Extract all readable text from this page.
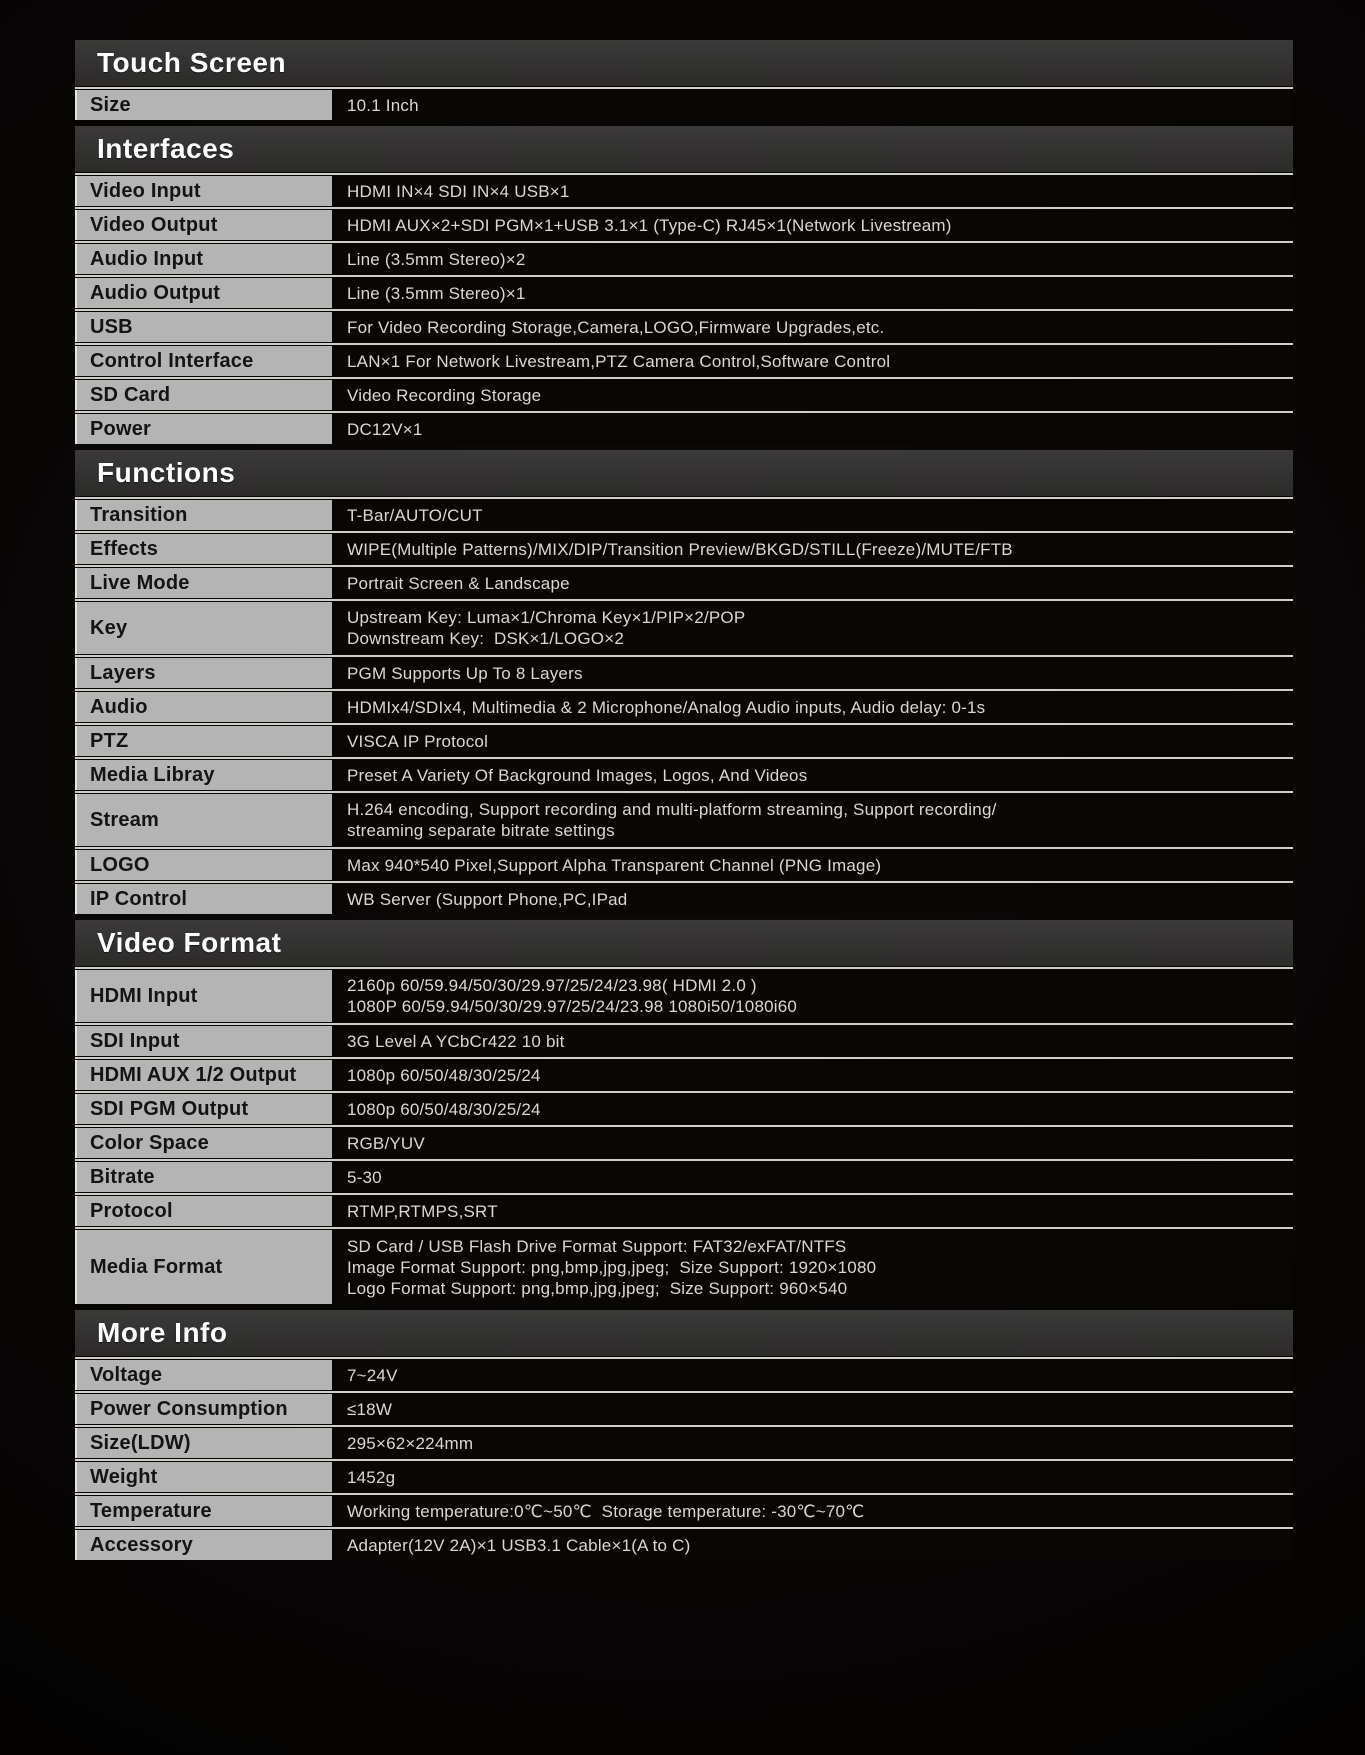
Touch Screen
Size	10.1 Inch
Interfaces
Video Input	HDMI IN×4 SDI IN×4 USB×1
Video Output	HDMI AUX×2+SDI PGM×1+USB 3.1×1 (Type-C) RJ45×1(Network Livestream)
Audio Input	Line (3.5mm Stereo)×2
Audio Output	Line (3.5mm Stereo)×1
USB	For Video Recording Storage,Camera,LOGO,Firmware Upgrades,etc.
Control Interface	LAN×1 For Network Livestream,PTZ Camera Control,Software Control
SD Card	Video Recording Storage
Power	DC12V×1
Functions
Transition	T-Bar/AUTO/CUT
Effects	WIPE(Multiple Patterns)/MIX/DIP/Transition Preview/BKGD/STILL(Freeze)/MUTE/FTB
Live Mode	Portrait Screen & Landscape
Key	Upstream Key: Luma×1/Chroma Key×1/PIP×2/POP
Downstream Key:  DSK×1/LOGO×2
Layers	PGM Supports Up To 8 Layers
Audio	HDMIx4/SDIx4, Multimedia & 2 Microphone/Analog Audio inputs, Audio delay: 0-1s
PTZ	VISCA IP Protocol
Media Libray	Preset A Variety Of Background Images, Logos, And Videos
Stream	H.264 encoding, Support recording and multi-platform streaming, Support recording/
streaming separate bitrate settings
LOGO	Max 940*540 Pixel,Support Alpha Transparent Channel (PNG Image)
IP Control	WB Server (Support Phone,PC,IPad
Video Format
HDMI Input	2160p 60/59.94/50/30/29.97/25/24/23.98( HDMI 2.0 )
1080P 60/59.94/50/30/29.97/25/24/23.98 1080i50/1080i60
SDI Input	3G Level A YCbCr422 10 bit
HDMI AUX 1/2 Output	1080p 60/50/48/30/25/24
SDI PGM Output	1080p 60/50/48/30/25/24
Color Space	RGB/YUV
Bitrate	5-30
Protocol	RTMP,RTMPS,SRT
Media Format
SD Card / USB Flash Drive Format Support: FAT32/exFAT/NTFS
Image Format Support: png,bmp,jpg,jpeg;  Size Support: 1920×1080
Logo Format Support: png,bmp,jpg,jpeg;  Size Support: 960×540
More Info
Voltage	7~24V
Power Consumption	≤18W
Size(LDW)	295×62×224mm
Weight	1452g
Temperature	Working temperature:0℃~50℃  Storage temperature: -30℃~70℃
Accessory	Adapter(12V 2A)×1 USB3.1 Cable×1(A to C)
